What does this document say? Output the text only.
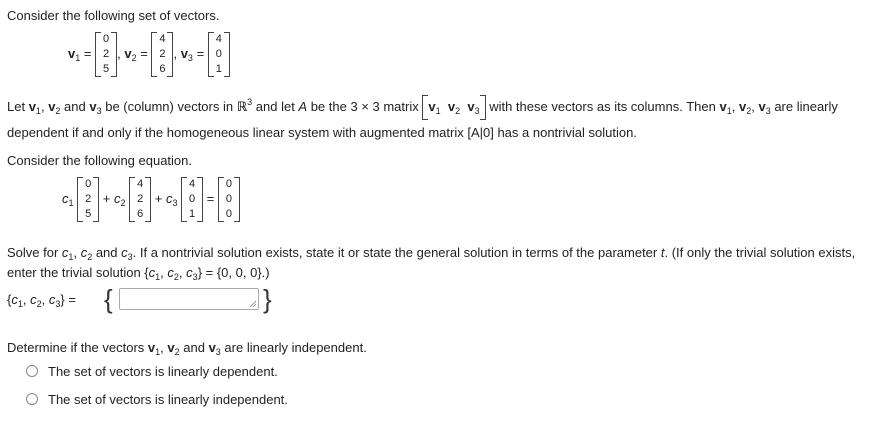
Consider the following set of vectors.
$v_1$ =
0
2
5
, $v_2$ =
4
2
6
, $v_3$ =
4
0
1
Let $v_1$, $v_2$ and $v_3$ be (column) vectors in ℝ$^3$ and let A be the 3 × 3 matrix
$v_1$ $v_2$ $v_3$ with these vectors as its columns. Then $v_1$, $v_2$, $v_3$ are linearly
dependent if and only if the homogeneous linear system with augmented matrix [A|0] has a nontrivial solution.
Consider the following equation.
$c_1$
0
2
5
+ $c_2$
4
2
6
+ $c_3$
4
0
1
=
0
0
0
Solve for $c_1$, $c_2$ and $c_3$. If a nontrivial solution exists, state it or state the general solution in terms of the parameter t. (If only the trivial solution exists,
enter the trivial solution {$c_1$, $c_2$, $c_3\} = \{0$, 0, 0}.)
{$c_1$, $c_2$, $c_3$} = {	}
Determine if the vectors $v_1$, $v_2$ and $v_3$ are linearly independent.
The set of vectors is linearly dependent.
The set of vectors is linearly independent.
